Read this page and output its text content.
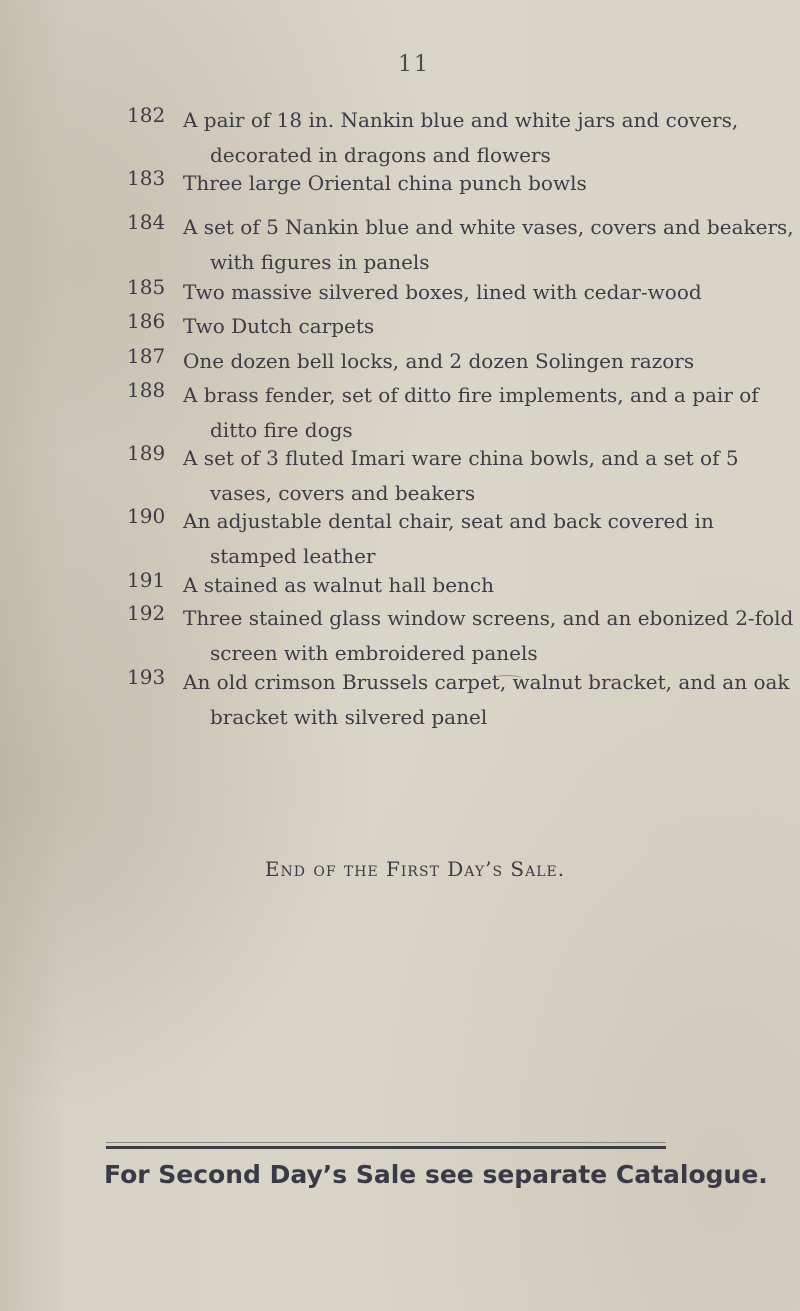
11
182 A pair of 18 in. Nankin blue and white jars and covers,
decorated in dragons and flowers
183 Three large Oriental china punch bowls
184 A set of 5 Nankin blue and white vases, covers and beakers,
with figures in panels
185 Two massive silvered boxes, lined with cedar-wood
186 Two Dutch carpets
187 One dozen bell locks, and 2 dozen Solingen razors
188 A brass fender, set of ditto fire implements, and a pair of
ditto fire dogs
189 A set of 3 fluted Imari ware china bowls, and a set of 5
vases, covers and beakers
190 An adjustable dental chair, seat and back covered in
stamped leather
191 A stained as walnut hall bench
192 Three stained glass window screens, and an ebonized 2-fold
screen with embroidered panels
193 An old crimson Brussels carpet, walnut bracket, and an oak
bracket with silvered panel
End of the First Day’s Sale.
For Second Day’s Sale see separate Catalogue.
